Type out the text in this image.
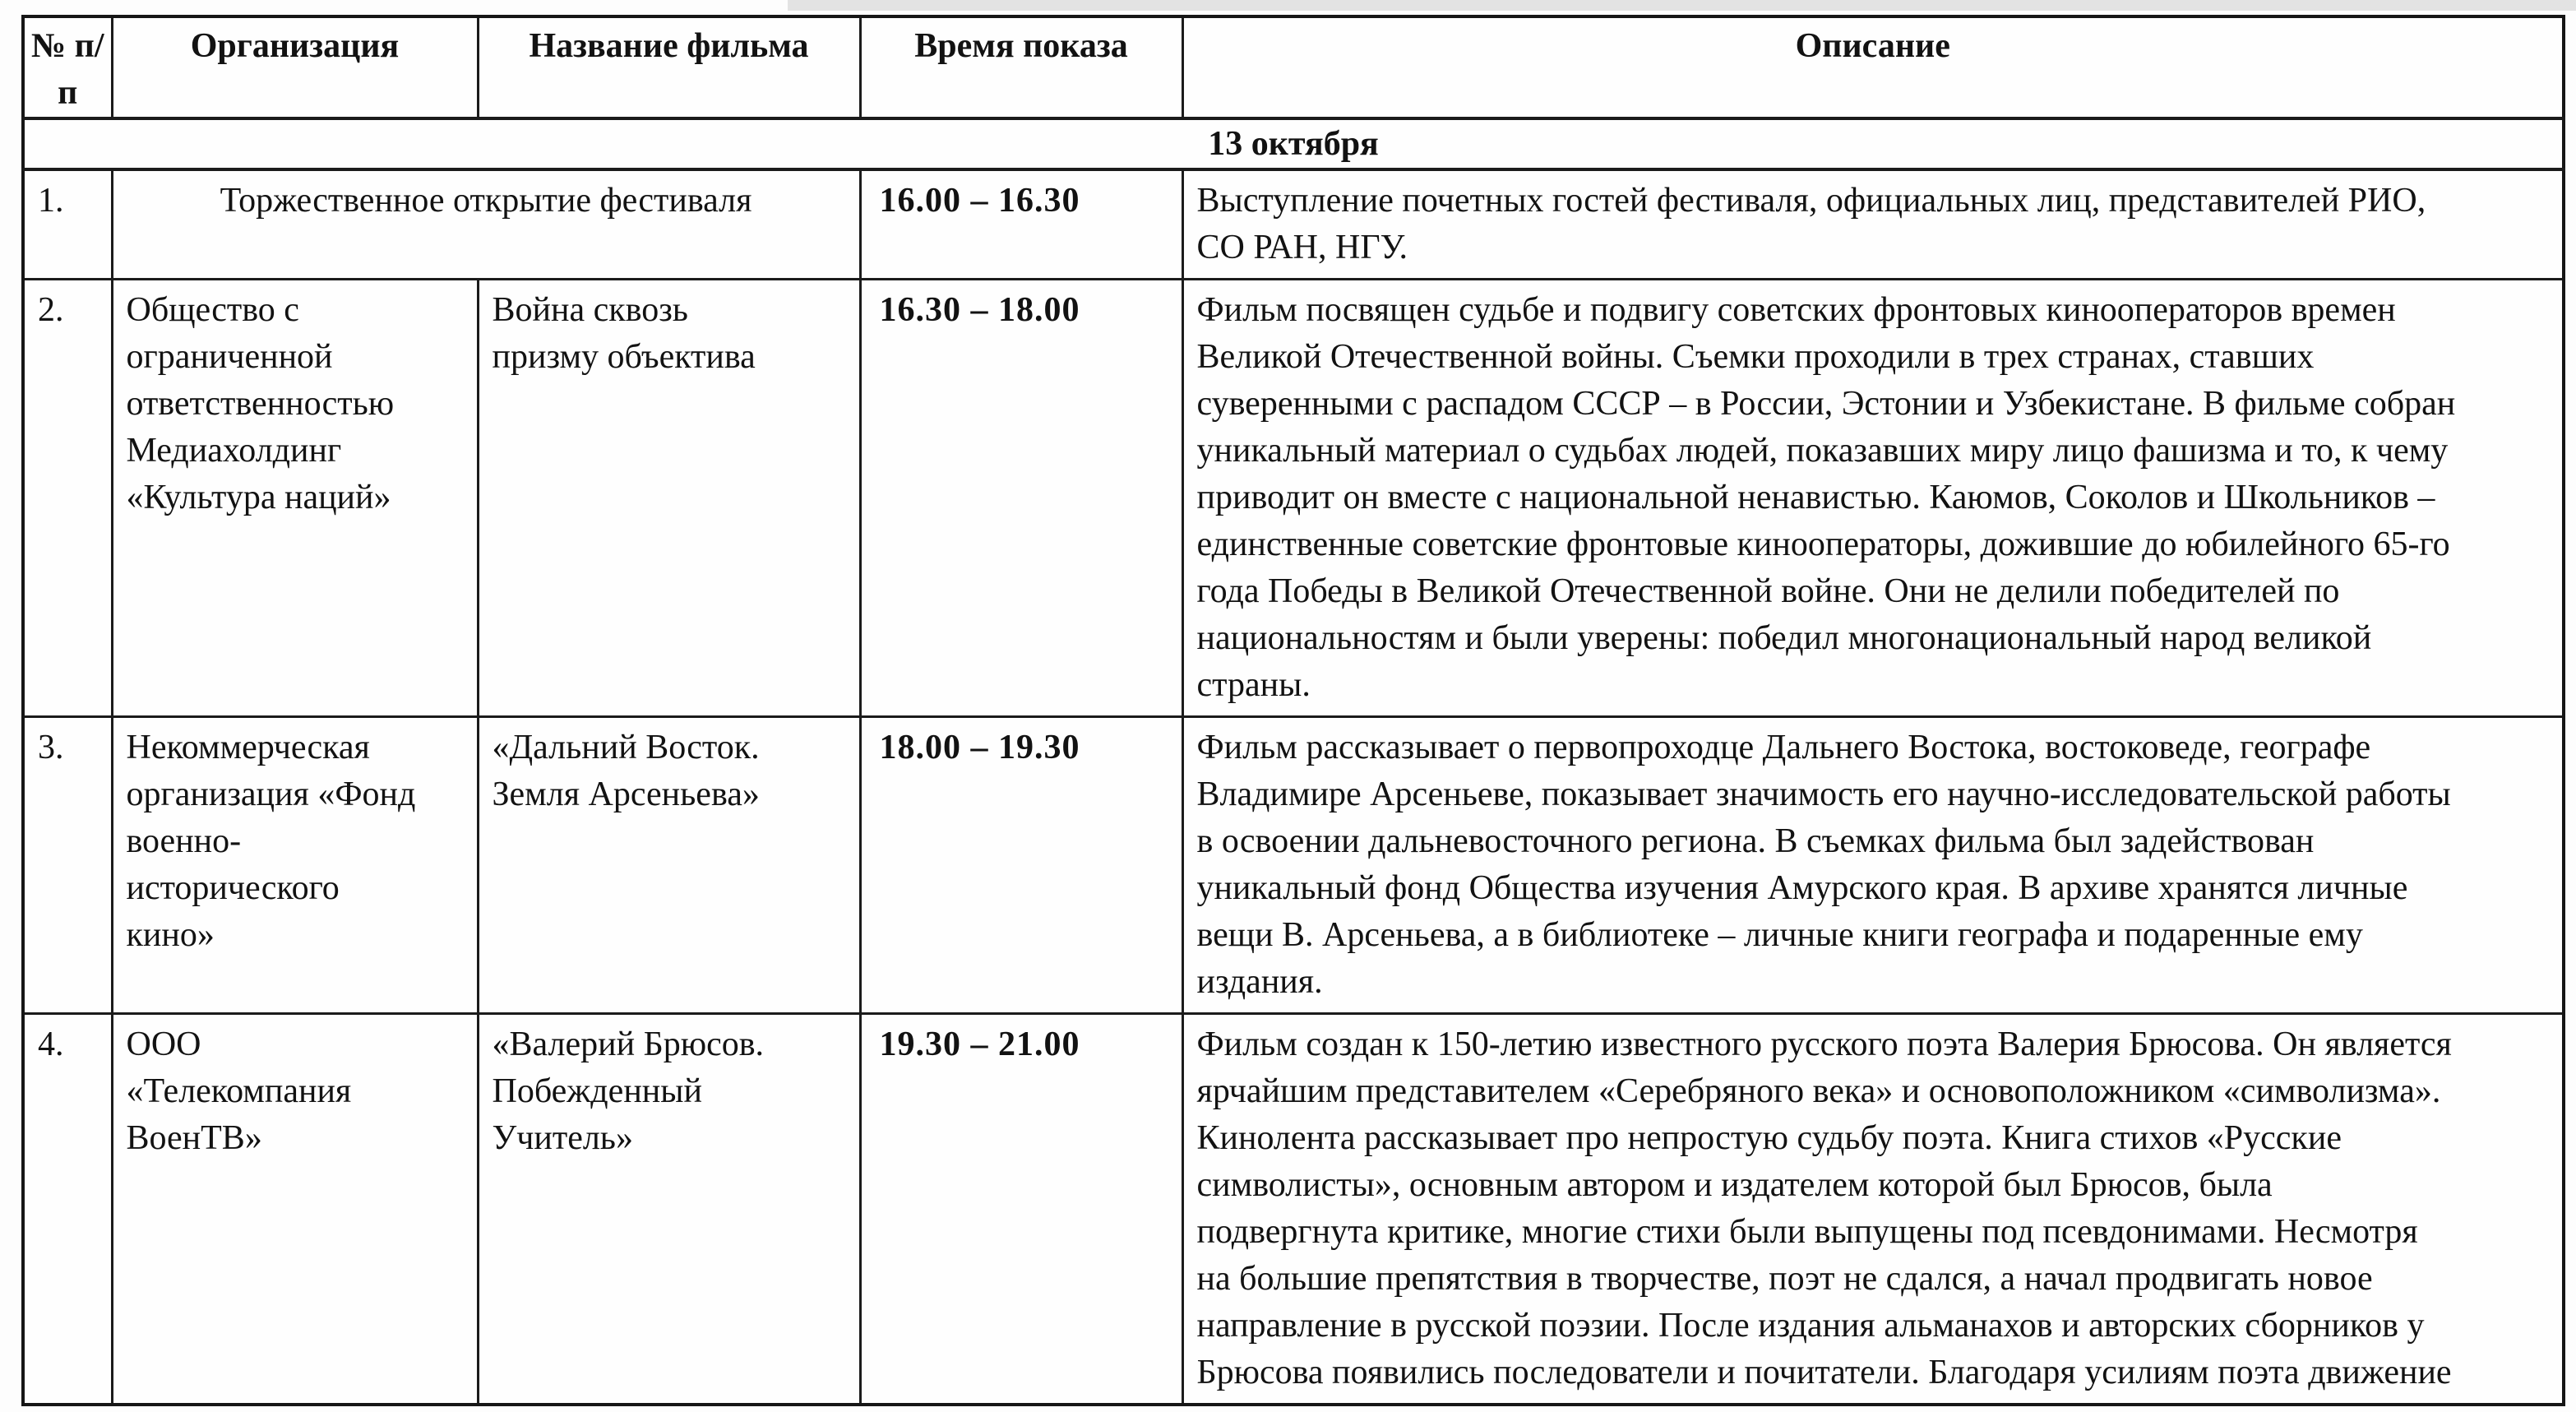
№ п/п	Организация	Название фильма	Время показа	Описание
13 октября				
1.	Торжественное открытие фестиваля		16.00 – 16.30	Выступление почетных гостей фестиваля, официальных лиц, представителей РИО, СО РАН, НГУ.
2.	Общество с ограниченной ответственностью Медиахолдинг «Культура наций»	Война сквозь призму объектива	16.30 – 18.00	Фильм посвящен судьбе и подвигу советских фронтовых кинооператоров времен Великой Отечественной войны. Съемки проходили в трех странах, ставших суверенными с распадом СССР – в России, Эстонии и Узбекистане. В фильме собран уникальный материал о судьбах людей, показавших миру лицо фашизма и то, к чему приводит он вместе с национальной ненавистью. Каюмов, Соколов и Школьников – единственные советские фронтовые кинооператоры, дожившие до юбилейного 65-го года Победы в Великой Отечественной войне. Они не делили победителей по национальностям и были уверены: победил многонациональный народ великой страны.
3.	Некоммерческая организация «Фонд военно-исторического кино»	«Дальний Восток. Земля Арсеньева»	18.00 – 19.30	Фильм рассказывает о первопроходце Дальнего Востока, востоковеде, географе Владимире Арсеньеве, показывает значимость его научно-исследовательской работы в освоении дальневосточного региона. В съемках фильма был задействован уникальный фонд Общества изучения Амурского края. В архиве хранятся личные вещи В. Арсеньева, а в библиотеке – личные книги географа и подаренные ему издания.
4.	ООО «Телекомпания ВоенТВ»	«Валерий Брюсов. Побежденный Учитель»	19.30 – 21.00	Фильм создан к 150-летию известного русского поэта Валерия Брюсова. Он является ярчайшим представителем «Серебряного века» и основоположником «символизма». Кинолента рассказывает про непростую судьбу поэта. Книга стихов «Русские символисты», основным автором и издателем которой был Брюсов, была подвергнута критике, многие стихи были выпущены под псевдонимами. Несмотря на большие препятствия в творчестве, поэт не сдался, а начал продвигать новое направление в русской поэзии. После издания альманахов и авторских сборников у Брюсова появились последователи и почитатели. Благодаря усилиям поэта движение
